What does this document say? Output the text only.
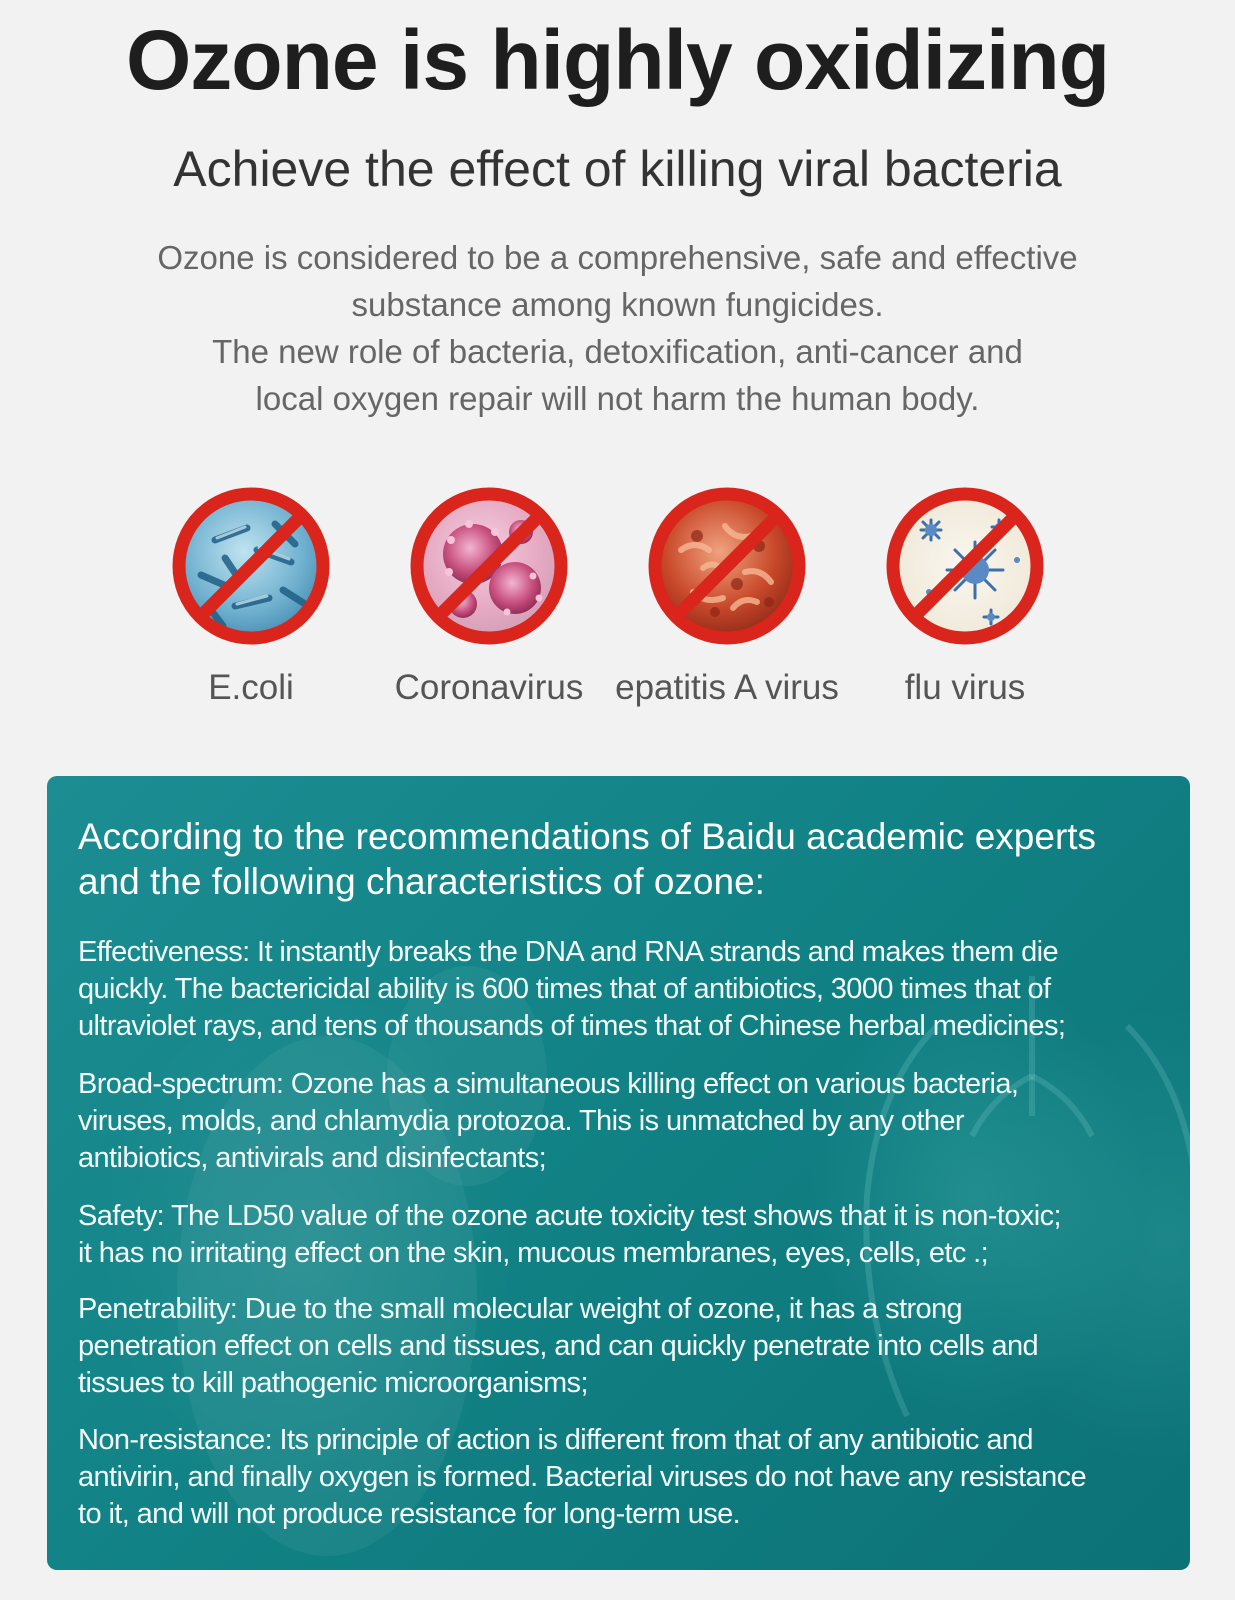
Ozone is highly oxidizing
Achieve the effect of killing viral bacteria
Ozone is considered to be a comprehensive, safe and effective
substance among known fungicides.
The new role of bacteria, detoxification, anti-cancer and
local oxygen repair will not harm the human body.
E.coli	Coronavirus epatitis A virus	flu virus
According to the recommendations of Baidu academic experts
and the following characteristics of ozone:
Effectiveness: It instantly breaks the DNA and RNA strands and makes them die
quickly. The bactericidal ability is 600 times that of antibiotics, 3000 times that of
ultraviolet rays, and tens of thousands of times that of Chinese herbal medicines;
Broad-spectrum: Ozone has a simultaneous killing effect on various bacteria,
viruses, molds, and chlamydia protozoa. This is unmatched by any other
antibiotics, antivirals and disinfectants;
Safety: The LD50 value of the ozone acute toxicity test shows that it is non-toxic;
it has no irritating effect on the skin, mucous membranes, eyes, cells, etc .;
Penetrability: Due to the small molecular weight of ozone, it has a strong
penetration effect on cells and tissues, and can quickly penetrate into cells and
tissues to kill pathogenic microorganisms;
Non-resistance: Its principle of action is different from that of any antibiotic and
antivirin, and finally oxygen is formed. Bacterial viruses do not have any resistance
to it, and will not produce resistance for long-term use.
